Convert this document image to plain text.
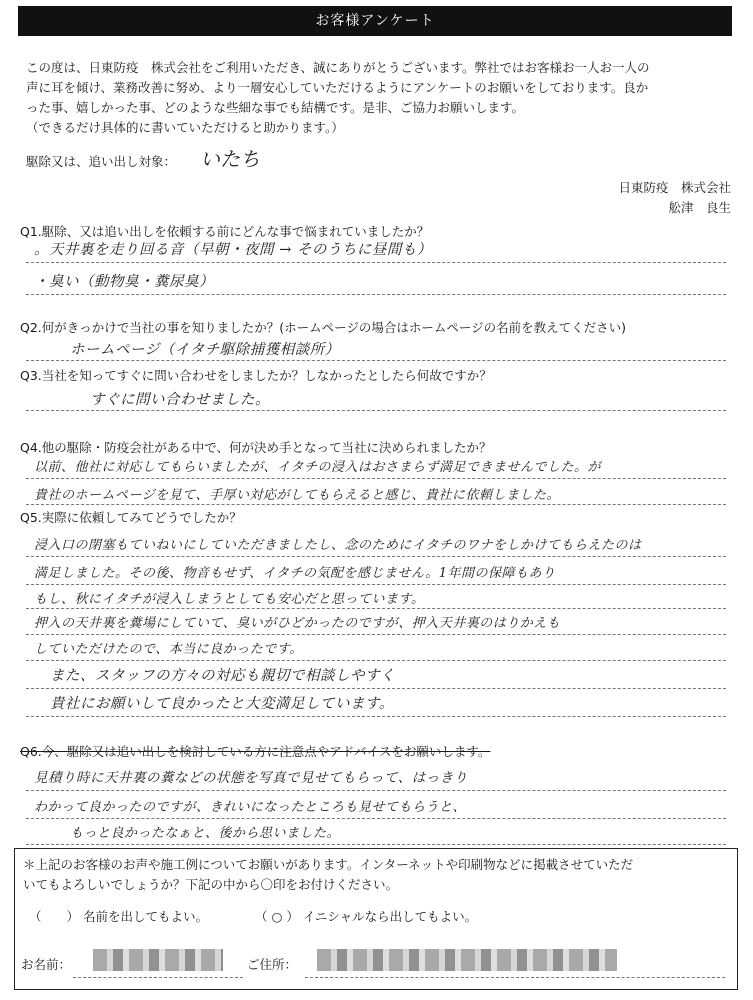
お客様アンケート

この度は、日東防疫　株式会社をご利用いただき、誠にありがとうございます。弊社ではお客様お一人お一人の

声に耳を傾け、業務改善に努め、より一層安心していただけるようにアンケートのお願いをしております。良か

った事、嬉しかった事、どのような些細な事でも結構です。是非、ご協力お願いします。

（できるだけ具体的に書いていただけると助かります。）

駆除又は、追い出し対象： いたち
日東防疫　株式会社
舩津　良生
Q1.駆除、又は追い出しを依頼する前にどんな事で悩まれていましたか？
。天井裏を走り回る音（早朝・夜間 → そのうちに昼間も）
・臭い（動物臭・糞尿臭）
Q2.何がきっかけで当社の事を知りましたか？(ホームページの場合はホームページの名前を教えてください)
ホームページ（イタチ駆除捕獲相談所）
Q3.当社を知ってすぐに問い合わせをしましたか？しなかったとしたら何故ですか？
すぐに問い合わせました。
Q4.他の駆除・防疫会社がある中で、何が決め手となって当社に決められましたか？
以前、他社に対応してもらいましたが、イタチの浸入はおさまらず満足できませんでした。が
貴社のホームページを見て、手厚い対応がしてもらえると感じ、貴社に依頼しました。
Q5.実際に依頼してみてどうでしたか？
浸入口の閉塞もていねいにしていただきましたし、念のためにイタチのワナをしかけてもらえたのは
満足しました。その後、物音もせず、イタチの気配を感じません。1年間の保障もあり
もし、秋にイタチが浸入しまうとしても安心だと思っています。
押入の天井裏を糞場にしていて、臭いがひどかったのですが、押入天井裏のはりかえも
していただけたので、本当に良かったです。
また、スタッフの方々の対応も親切で相談しやすく
貴社にお願いして良かったと大変満足しています。
Q6.今、駆除又は追い出しを検討している方に注意点やアドバイスをお願いします。
見積り時に天井裏の糞などの状態を写真で見せてもらって、はっきり
わかって良かったのですが、きれいになったところも見せてもらうと、
もっと良かったなぁと、後から思いました。
＊上記のお客様のお声や施工例についてお願いがあります。インターネットや印刷物などに掲載させていただ
いてもよろしいでしょうか？下記の中から〇印をお付けください。
（　　） 名前を出してもよい。	（ ○ ） イニシャルなら出してもよい。
お名前：	ご住所：
